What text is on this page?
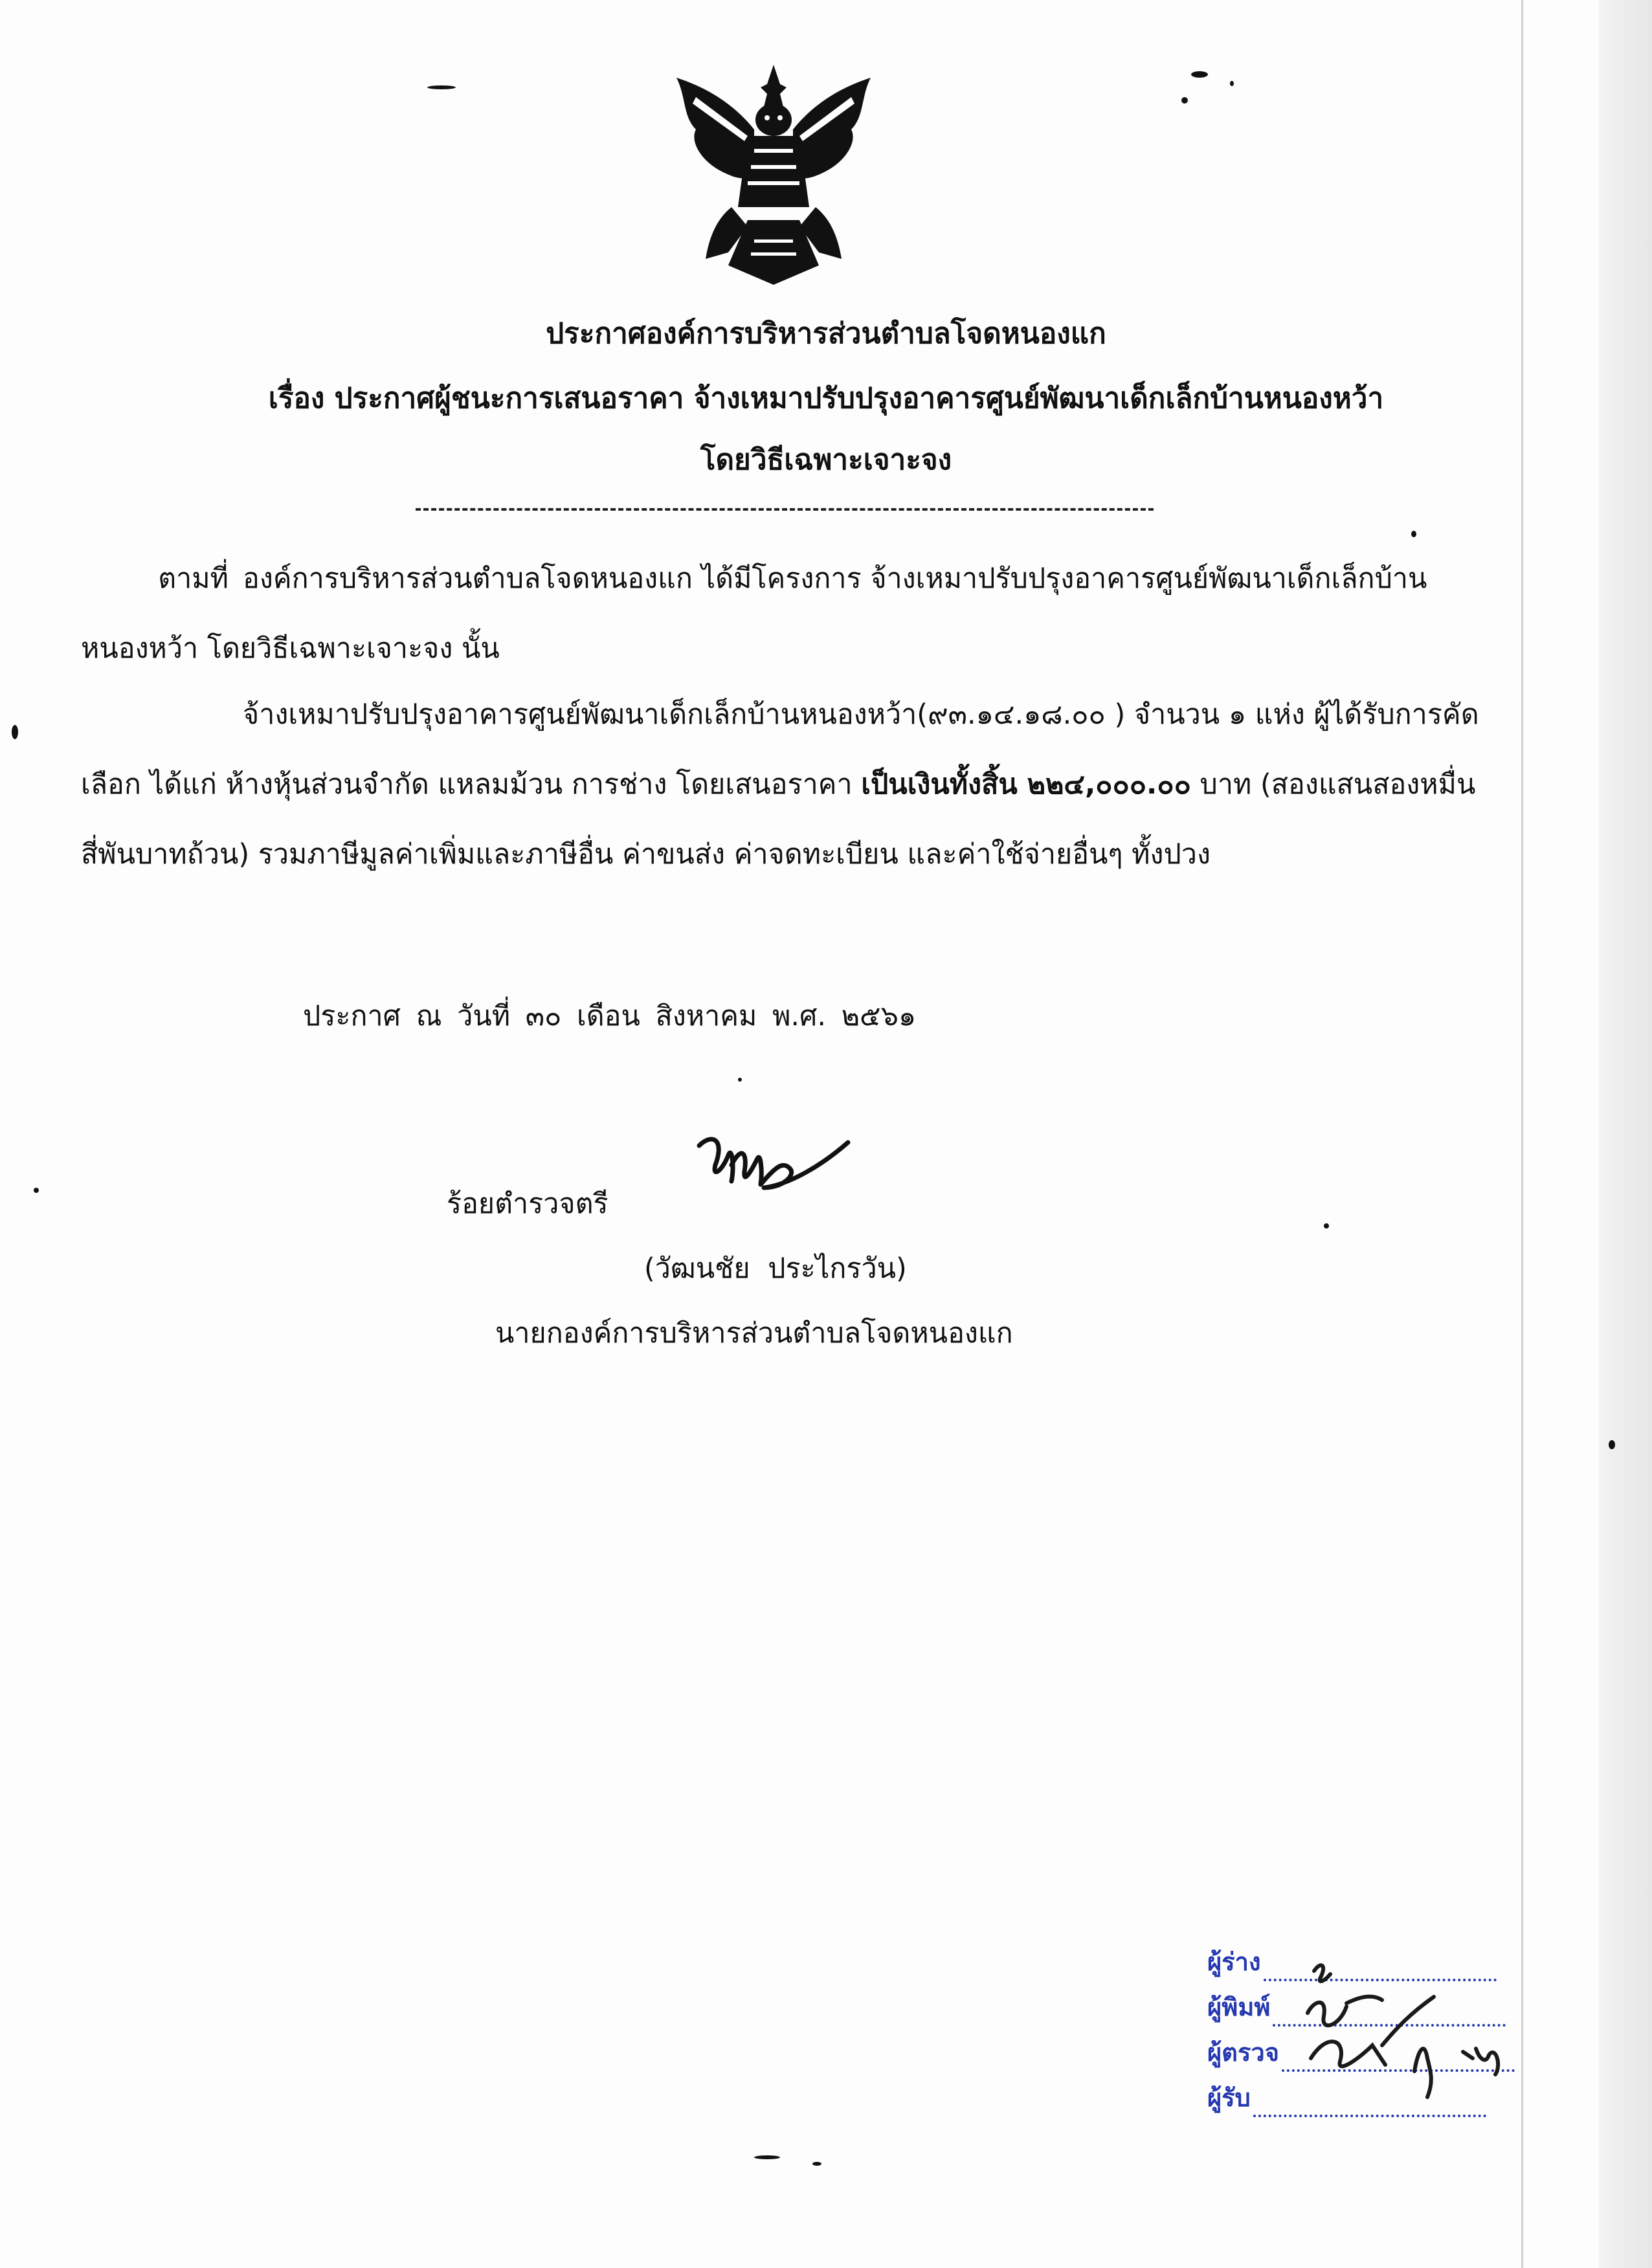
ประกาศองค์การบริหารส่วนตำบลโจดหนองแก
เรื่อง ประกาศผู้ชนะการเสนอราคา จ้างเหมาปรับปรุงอาคารศูนย์พัฒนาเด็กเล็กบ้านหนองหว้า
โดยวิธีเฉพาะเจาะจง
ตามที่ องค์การบริหารส่วนตำบลโจดหนองแก ได้มีโครงการ จ้างเหมาปรับปรุงอาคารศูนย์พัฒนาเด็กเล็กบ้านหนองหว้า โดยวิธีเฉพาะเจาะจง นั้น
จ้างเหมาปรับปรุงอาคารศูนย์พัฒนาเด็กเล็กบ้านหนองหว้า(๙๓.๑๔.๑๘.๐๐ ) จำนวน ๑ แห่ง ผู้ได้รับการคัดเลือก ได้แก่ ห้างหุ้นส่วนจำกัด แหลมม้วน การช่าง โดยเสนอราคา เป็นเงินทั้งสิ้น ๒๒๔,๐๐๐.๐๐ บาท (สองแสนสองหมื่นสี่พันบาทถ้วน) รวมภาษีมูลค่าเพิ่มและภาษีอื่น ค่าขนส่ง ค่าจดทะเบียน และค่าใช้จ่ายอื่นๆ ทั้งปวง
ประกาศ ณ วันที่ ๓๐ เดือน สิงหาคม พ.ศ. ๒๕๖๑
ร้อยตำรวจตรี
(วัฒนชัย ประไกรวัน)
นายกองค์การบริหารส่วนตำบลโจดหนองแก
ผู้ร่าง
ผู้พิมพ์
ผู้ตรวจ
ผู้รับ
